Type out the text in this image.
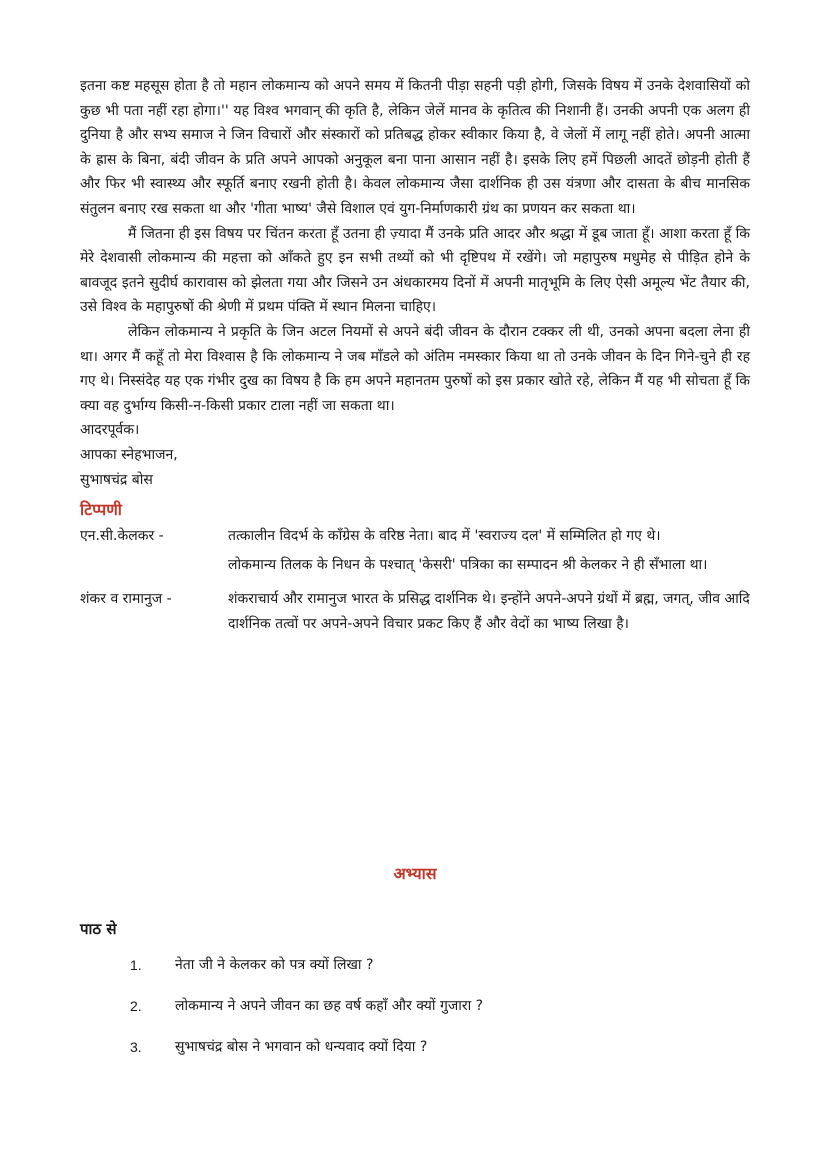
इतना कष्ट महसूस होता है तो महान लोकमान्य को अपने समय में कितनी पीड़ा सहनी पड़ी होगी, जिसके विषय में उनके देशवासियों को कुछ भी पता नहीं रहा होगा।'' यह विश्व भगवान् की कृति है, लेकिन जेलें मानव के कृतित्व की निशानी हैं। उनकी अपनी एक अलग ही दुनिया है और सभ्य समाज ने जिन विचारों और संस्कारों को प्रतिबद्ध होकर स्वीकार किया है, वे जेलों में लागू नहीं होते। अपनी आत्मा के ह्रास के बिना, बंदी जीवन के प्रति अपने आपको अनुकूल बना पाना आसान नहीं है। इसके लिए हमें पिछली आदतें छोड़नी होती हैं और फिर भी स्वास्थ्य और स्फूर्ति बनाए रखनी होती है। केवल लोकमान्य जैसा दार्शनिक ही उस यंत्रणा और दासता के बीच मानसिक संतुलन बनाए रख सकता था और 'गीता भाष्य' जैसे विशाल एवं युग-निर्माणकारी ग्रंथ का प्रणयन कर सकता था।

मैं जितना ही इस विषय पर चिंतन करता हूँ उतना ही ज़्यादा मैं उनके प्रति आदर और श्रद्धा में डूब जाता हूँ। आशा करता हूँ कि मेरे देशवासी लोकमान्य की महत्ता को आँकते हुए इन सभी तथ्यों को भी दृष्टिपथ में रखेंगे। जो महापुरुष मधुमेह से पीड़ित होने के बावजूद इतने सुदीर्घ कारावास को झेलता गया और जिसने उन अंधकारमय दिनों में अपनी मातृभूमि के लिए ऐसी अमूल्य भेंट तैयार की, उसे विश्व के महापुरुषों की श्रेणी में प्रथम पंक्ति में स्थान मिलना चाहिए।

लेकिन लोकमान्य ने प्रकृति के जिन अटल नियमों से अपने बंदी जीवन के दौरान टक्कर ली थी, उनको अपना बदला लेना ही था। अगर मैं कहूँ तो मेरा विश्वास है कि लोकमान्य ने जब माँडले को अंतिम नमस्कार किया था तो उनके जीवन के दिन गिने-चुने ही रह गए थे। निस्संदेह यह एक गंभीर दुख का विषय है कि हम अपने महानतम पुरुषों को इस प्रकार खोते रहे, लेकिन मैं यह भी सोचता हूँ कि क्या वह दुर्भाग्य किसी-न-किसी प्रकार टाला नहीं जा सकता था।

आदरपूर्वक।

आपका स्नेहभाजन,

सुभाषचंद्र बोस

टिप्पणी
एन.सी.केलकर -	तत्कालीन विदर्भ के काँग्रेस के वरिष्ठ नेता। बाद में 'स्वराज्य दल' में सम्मिलित हो गए थे।

लोकमान्य तिलक के निधन के पश्चात् 'केसरी' पत्रिका का सम्पादन श्री केलकर ने ही सँभाला था।

शंकर व रामानुज -	शंकराचार्य और रामानुज भारत के प्रसिद्ध दार्शनिक थे। इन्होंने अपने-अपने ग्रंथों में ब्रह्म, जगत्, जीव आदि दार्शनिक तत्वों पर अपने-अपने विचार प्रकट किए हैं और वेदों का भाष्य लिखा है।

अभ्यास
पाठ से
1.	नेता जी ने केलकर को पत्र क्यों लिखा ?
2.	लोकमान्य ने अपने जीवन का छह वर्ष कहाँ और क्यों गुजारा ?
3.	सुभाषचंद्र बोस ने भगवान को धन्यवाद क्यों दिया ?
